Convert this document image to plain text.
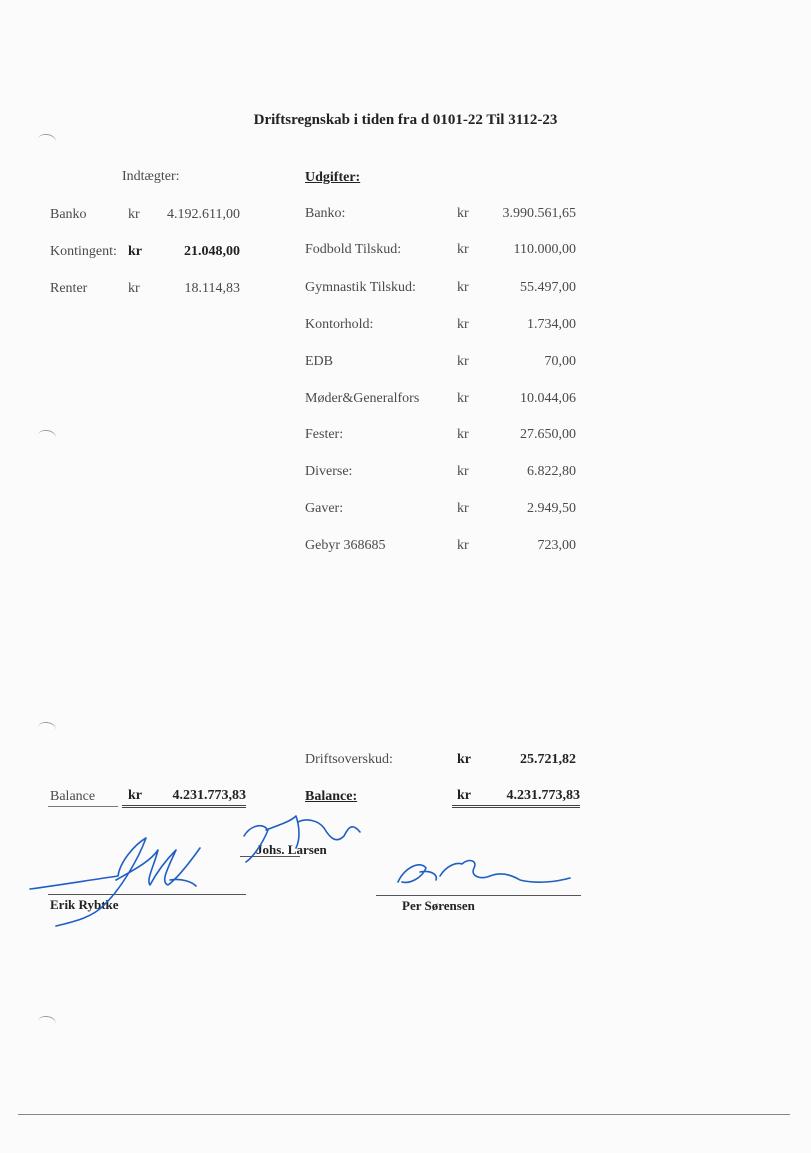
Driftsregnskab i tiden fra d 0101-22 Til 3112-23
Indtægter:
Banko	kr	4.192.611,00
Kontingent: kr	21.048,00
Renter	kr	18.114,83
Balance	kr 4.231.773,83
Udgifter:
Banko:	kr	3.990.561,65
Fodbold Tilskud:	kr	110.000,00
Gymnastik Tilskud:	kr	55.497,00
Kontorhold:	kr	1.734,00
EDB	kr	70,00
Møder&Generalfors	kr	10.044,06
Fester:	kr	27.650,00
Diverse:	kr	6.822,80
Gaver:	kr	2.949,50
Gebyr 368685	kr	723,00
Driftsoverskud:	kr	25.721,82
Balance:	kr	4.231.773,83
Erik Rybtke
Johs. Larsen
Per Sørensen
